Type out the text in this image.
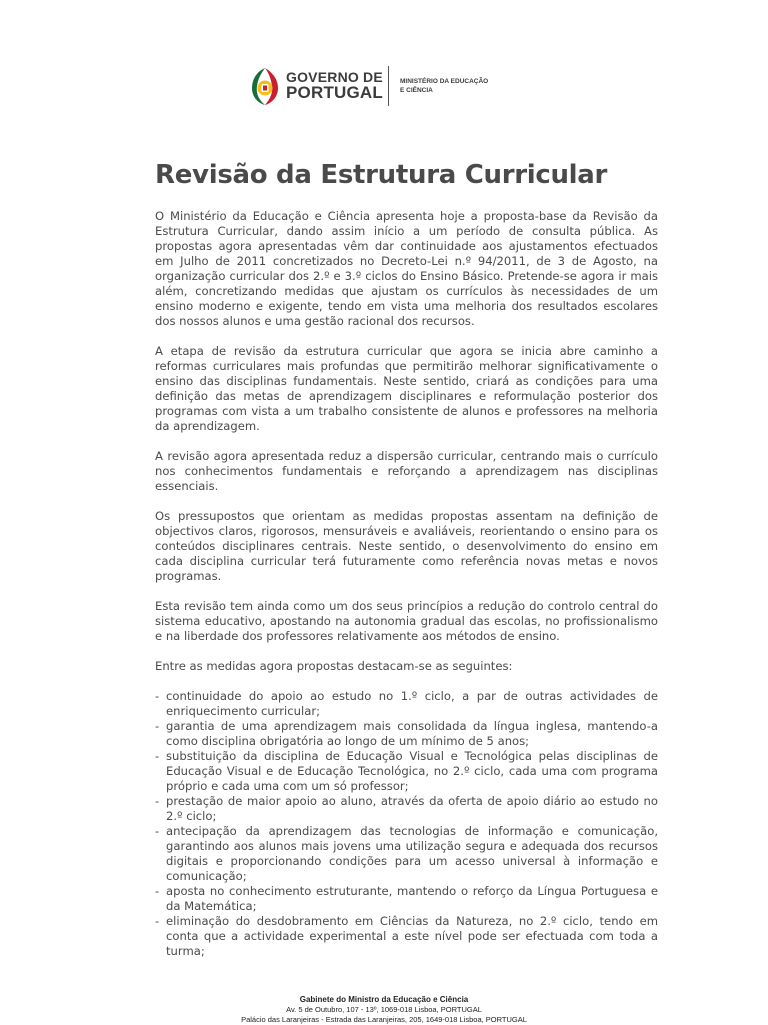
GOVERNO DE
PORTUGAL
MINISTÉRIO DA EDUCAÇÃO
E CIÊNCIA
Revisão da Estrutura Curricular

O Ministério da Educação e Ciência apresenta hoje a proposta-base da Revisão da Estrutura Curricular, dando assim início a um período de consulta pública. As propostas agora apresentadas vêm dar continuidade aos ajustamentos efectuados em Julho de 2011 concretizados no Decreto-Lei n.º 94/2011, de 3 de Agosto, na organização curricular dos 2.º e 3.º ciclos do Ensino Básico. Pretende-se agora ir mais além, concretizando medidas que ajustam os currículos às necessidades de um ensino moderno e exigente, tendo em vista uma melhoria dos resultados escolares dos nossos alunos e uma gestão racional dos recursos.

A etapa de revisão da estrutura curricular que agora se inicia abre caminho a reformas curriculares mais profundas que permitirão melhorar significativamente o ensino das disciplinas fundamentais. Neste sentido, criará as condições para uma definição das metas de aprendizagem disciplinares e reformulação posterior dos programas com vista a um trabalho consistente de alunos e professores na melhoria da aprendizagem.

A revisão agora apresentada reduz a dispersão curricular, centrando mais o currículo nos conhecimentos fundamentais e reforçando a aprendizagem nas disciplinas essenciais.

Os pressupostos que orientam as medidas propostas assentam na definição de objectivos claros, rigorosos, mensuráveis e avaliáveis, reorientando o ensino para os conteúdos disciplinares centrais. Neste sentido, o desenvolvimento do ensino em cada disciplina curricular terá futuramente como referência novas metas e novos programas.

Esta revisão tem ainda como um dos seus princípios a redução do controlo central do sistema educativo, apostando na autonomia gradual das escolas, no profissionalismo e na liberdade dos professores relativamente aos métodos de ensino.

Entre as medidas agora propostas destacam-se as seguintes:

- continuidade do apoio ao estudo no 1.º ciclo, a par de outras actividades de enriquecimento curricular;
- garantia de uma aprendizagem mais consolidada da língua inglesa, mantendo-a como disciplina obrigatória ao longo de um mínimo de 5 anos;
- substituição da disciplina de Educação Visual e Tecnológica pelas disciplinas de Educação Visual e de Educação Tecnológica, no 2.º ciclo, cada uma com programa próprio e cada uma com um só professor;
- prestação de maior apoio ao aluno, através da oferta de apoio diário ao estudo no 2.º ciclo;
- antecipação da aprendizagem das tecnologias de informação e comunicação, garantindo aos alunos mais jovens uma utilização segura e adequada dos recursos digitais e proporcionando condições para um acesso universal à informação e comunicação;
- aposta no conhecimento estruturante, mantendo o reforço da Língua Portuguesa e da Matemática;
- eliminação do desdobramento em Ciências da Natureza, no 2.º ciclo, tendo em conta que a actividade experimental a este nível pode ser efectuada com toda a turma;
Gabinete do Ministro da Educação e Ciência
Av. 5 de Outubro, 107 - 13º, 1069-018 Lisboa, PORTUGAL
Palácio das Laranjeiras - Estrada das Laranjeiras, 205, 1649-018 Lisboa, PORTUGAL
